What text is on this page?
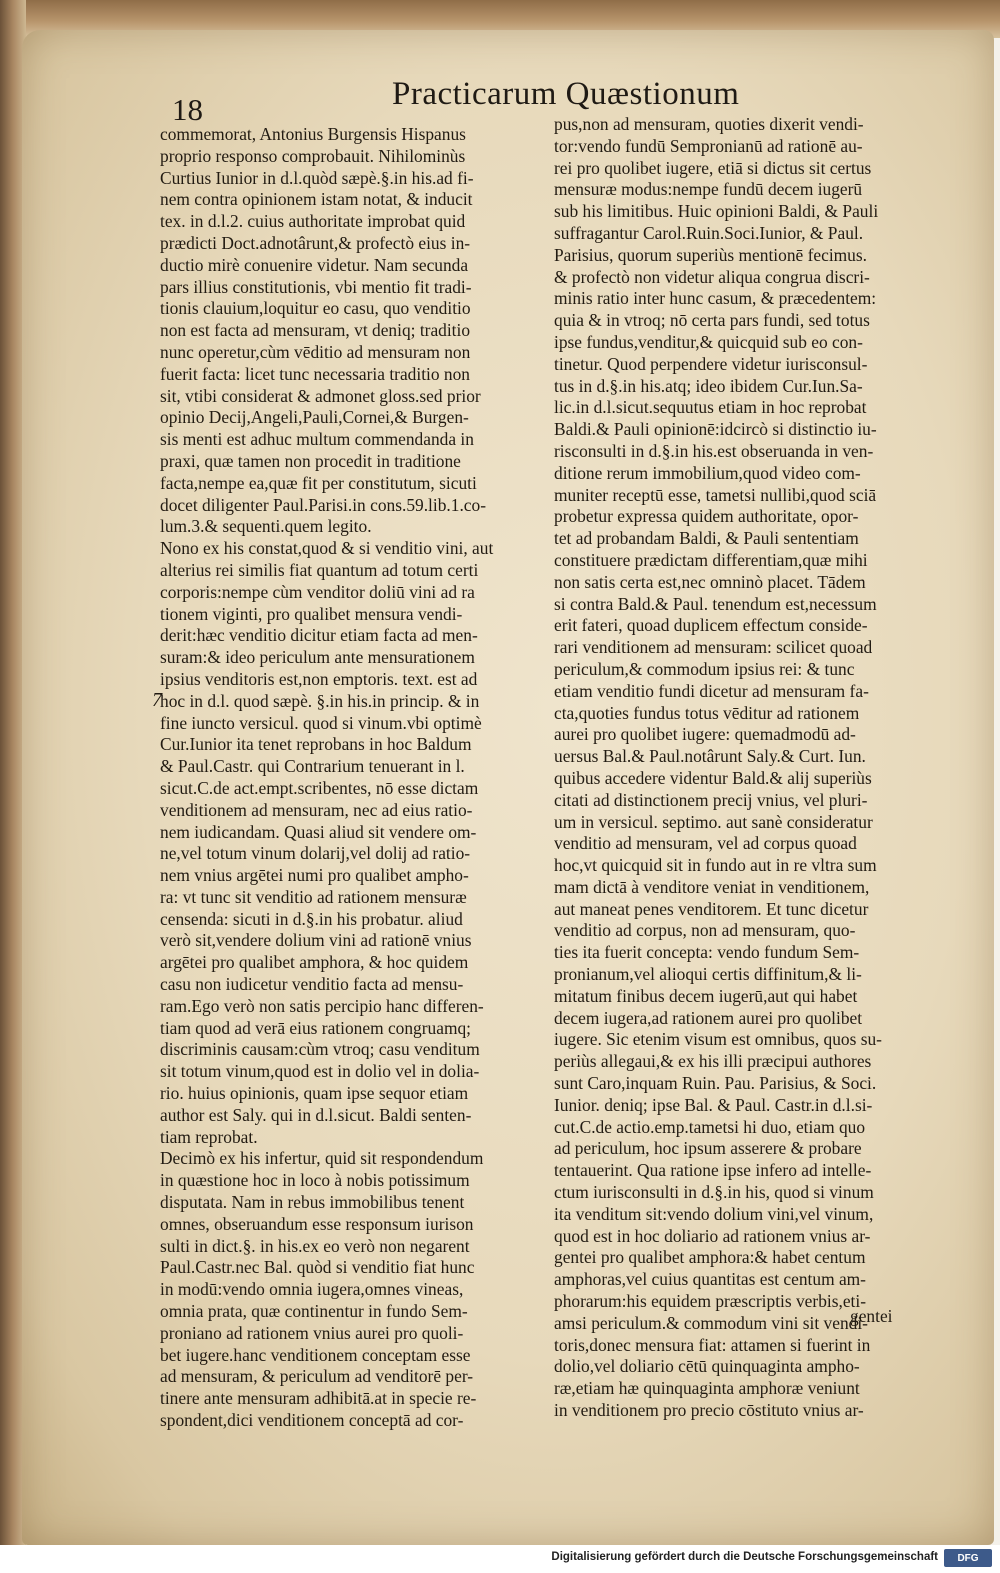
18	Practicarum Quæstionum
commemorat, Antonius Burgensis Hispanus
proprio responso comprobauit. Nihilominùs
Curtius Iunior in d.l.quòd sæpè.§.in his.ad fi-
nem contra opinionem istam notat, & inducit
tex. in d.l.2. cuius authoritate improbat quid
prædicti Doct.adnotârunt,& profectò eius in-
ductio mirè conuenire videtur. Nam secunda
pars illius constitutionis, vbi mentio fit tradi-
tionis clauium,loquitur eo casu, quo venditio
non est facta ad mensuram, vt deniq; traditio
nunc operetur,cùm vēditio ad mensuram non
fuerit facta: licet tunc necessaria traditio non
sit, vtibi considerat & admonet gloss.sed prior
opinio Decij,Angeli,Pauli,Cornei,& Burgen-
sis menti est adhuc multum commendanda in
praxi, quæ tamen non procedit in traditione
facta,nempe ea,quæ fit per constitutum, sicuti
docet diligenter Paul.Parisi.in cons.59.lib.1.co-
lum.3.& sequenti.quem legito.
Nono ex his constat,quod & si venditio vini, aut
alterius rei similis fiat quantum ad totum certi
corporis:nempe cùm venditor doliū vini ad ra
tionem viginti, pro qualibet mensura vendi-
derit:hæc venditio dicitur etiam facta ad men-
suram:& ideo periculum ante mensurationem
ipsius venditoris est,non emptoris. text. est ad
hoc in d.l. quod sæpè. §.in his.in princip. & in
fine iuncto versicul. quod si vinum.vbi optimè
Cur.Iunior ita tenet reprobans in hoc Baldum
& Paul.Castr. qui Contrarium tenuerant in l.
sicut.C.de act.empt.scribentes, nō esse dictam
venditionem ad mensuram, nec ad eius ratio-
nem iudicandam. Quasi aliud sit vendere om-
ne,vel totum vinum dolarij,vel dolij ad ratio-
nem vnius argētei numi pro qualibet ampho-
ra: vt tunc sit venditio ad rationem mensuræ
censenda: sicuti in d.§.in his probatur. aliud
verò sit,vendere dolium vini ad rationē vnius
argētei pro qualibet amphora, & hoc quidem
casu non iudicetur venditio facta ad mensu-
ram.Ego verò non satis percipio hanc differen-
tiam quod ad verā eius rationem congruamq;
discriminis causam:cùm vtroq; casu venditum
sit totum vinum,quod est in dolio vel in dolia-
rio. huius opinionis, quam ipse sequor etiam
author est Saly. qui in d.l.sicut. Baldi senten-
tiam reprobat.
Decimò ex his infertur, quid sit respondendum
in quæstione hoc in loco à nobis potissimum
disputata. Nam in rebus immobilibus tenent
omnes, obseruandum esse responsum iurison
sulti in dict.§. in his.ex eo verò non negarent
Paul.Castr.nec Bal. quòd si venditio fiat hunc
in modū:vendo omnia iugera,omnes vineas,
omnia prata, quæ continentur in fundo Sem-
proniano ad rationem vnius aurei pro quoli-
bet iugere.hanc venditionem conceptam esse
ad mensuram, & periculum ad venditorē per-
tinere ante mensuram adhibitā.at in specie re-
spondent,dici venditionem conceptā ad cor-
pus,non ad mensuram, quoties dixerit vendi-
tor:vendo fundū Sempronianū ad rationē au-
rei pro quolibet iugere, etiā si dictus sit certus
mensuræ modus:nempe fundū decem iugerū
sub his limitibus. Huic opinioni Baldi, & Pauli
suffragantur Carol.Ruin.Soci.Iunior, & Paul.
Parisius, quorum superiùs mentionē fecimus.
& profectò non videtur aliqua congrua discri-
minis ratio inter hunc casum, & præcedentem:
quia & in vtroq; nō certa pars fundi, sed totus
ipse fundus,venditur,& quicquid sub eo con-
tinetur. Quod perpendere videtur iurisconsul-
tus in d.§.in his.atq; ideo ibidem Cur.Iun.Sa-
lic.in d.l.sicut.sequutus etiam in hoc reprobat
Baldi.& Pauli opinionē:idcircò si distinctio iu-
risconsulti in d.§.in his.est obseruanda in ven-
ditione rerum immobilium,quod video com-
muniter receptū esse, tametsi nullibi,quod sciā
probetur expressa quidem authoritate, opor-
tet ad probandam Baldi, & Pauli sententiam
constituere prædictam differentiam,quæ mihi
non satis certa est,nec omninò placet. Tādem
si contra Bald.& Paul. tenendum est,necessum
erit fateri, quoad duplicem effectum conside-
rari venditionem ad mensuram: scilicet quoad
periculum,& commodum ipsius rei: & tunc
etiam venditio fundi dicetur ad mensuram fa-
cta,quoties fundus totus vēditur ad rationem
aurei pro quolibet iugere: quemadmodū ad-
uersus Bal.& Paul.notârunt Saly.& Curt. Iun.
quibus accedere videntur Bald.& alij superiùs
citati ad distinctionem precij vnius, vel pluri-
um in versicul. septimo. aut sanè consideratur
venditio ad mensuram, vel ad corpus quoad
hoc,vt quicquid sit in fundo aut in re vltra sum
mam dictā à venditore veniat in venditionem,
aut maneat penes venditorem. Et tunc dicetur
venditio ad corpus, non ad mensuram, quo-
ties ita fuerit concepta: vendo fundum Sem-
pronianum,vel alioqui certis diffinitum,& li-
mitatum finibus decem iugerū,aut qui habet
decem iugera,ad rationem aurei pro quolibet
iugere. Sic etenim visum est omnibus, quos su-
periùs allegaui,& ex his illi præcipui authores
sunt Caro,inquam Ruin. Pau. Parisius, & Soci.
Iunior. deniq; ipse Bal. & Paul. Castr.in d.l.si-
cut.C.de actio.emp.tametsi hi duo, etiam quo
ad periculum, hoc ipsum asserere & probare
tentauerint. Qua ratione ipse infero ad intelle-
ctum iurisconsulti in d.§.in his, quod si vinum
ita venditum sit:vendo dolium vini,vel vinum,
quod est in hoc doliario ad rationem vnius ar-
gentei pro qualibet amphora:& habet centum
amphoras,vel cuius quantitas est centum am-
phorarum:his equidem præscriptis verbis,eti-
amsi periculum.& commodum vini sit vendi-
toris,donec mensura fiat: attamen si fuerint in
dolio,vel doliario cētū quinquaginta ampho-
ræ,etiam hæ quinquaginta amphoræ veniunt
in venditionem pro precio cōstituto vnius ar-
7
gentei
Digitalisierung gefördert durch die Deutsche Forschungsgemeinschaft	DFG
